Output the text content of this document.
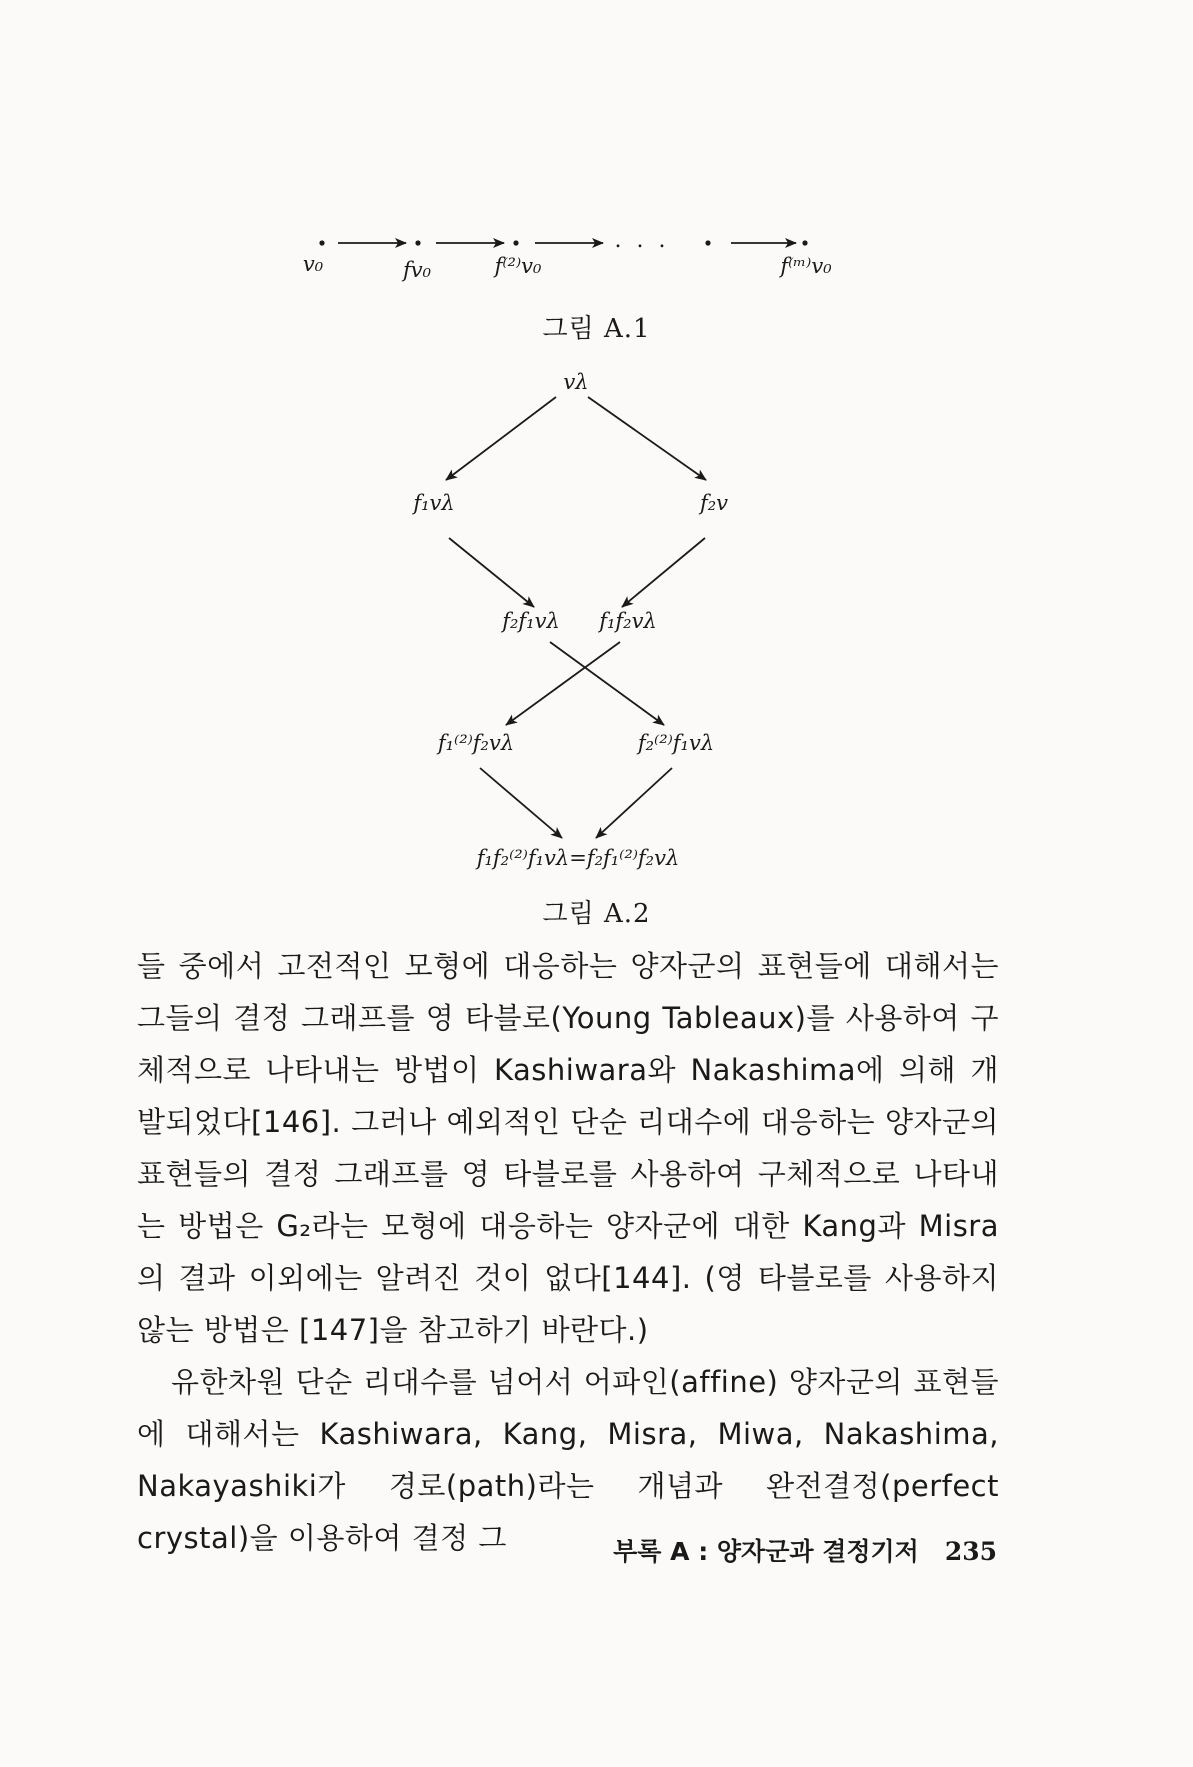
v₀	fv₀	f⁽²⁾v₀
. . .
f⁽ᵐ⁾v₀
그림 A.1
vλ
f₁vλ	f₂v
f₂f₁vλ f₁f₂vλ
f₁⁽²⁾f₂vλ	f₂⁽²⁾f₁vλ
f₁f₂⁽²⁾f₁vλ=f₂f₁⁽²⁾f₂vλ
그림 A.2

들 중에서 고전적인 모형에 대응하는 양자군의 표현들에 대해서는 그들의 결정 그래프를 영 타블로(Young Tableaux)를 사용하여 구체적으로 나타내는 방법이 Kashiwara와 Nakashima에 의해 개발되었다[146]. 그러나 예외적인 단순 리대수에 대응하는 양자군의 표현들의 결정 그래프를 영 타블로를 사용하여 구체적으로 나타내는 방법은 G₂라는 모형에 대응하는 양자군에 대한 Kang과 Misra의 결과 이외에는 알려진 것이 없다[144]. (영 타블로를 사용하지 않는 방법은 [147]을 참고하기 바란다.)

유한차원 단순 리대수를 넘어서 어파인(affine) 양자군의 표현들에 대해서는 Kashiwara, Kang, Misra, Miwa, Nakashima, Nakayashiki가 경로(path)라는 개념과 완전결정(perfect crystal)을 이용하여 결정 그	부록 A : 양자군과 결정기저 235
